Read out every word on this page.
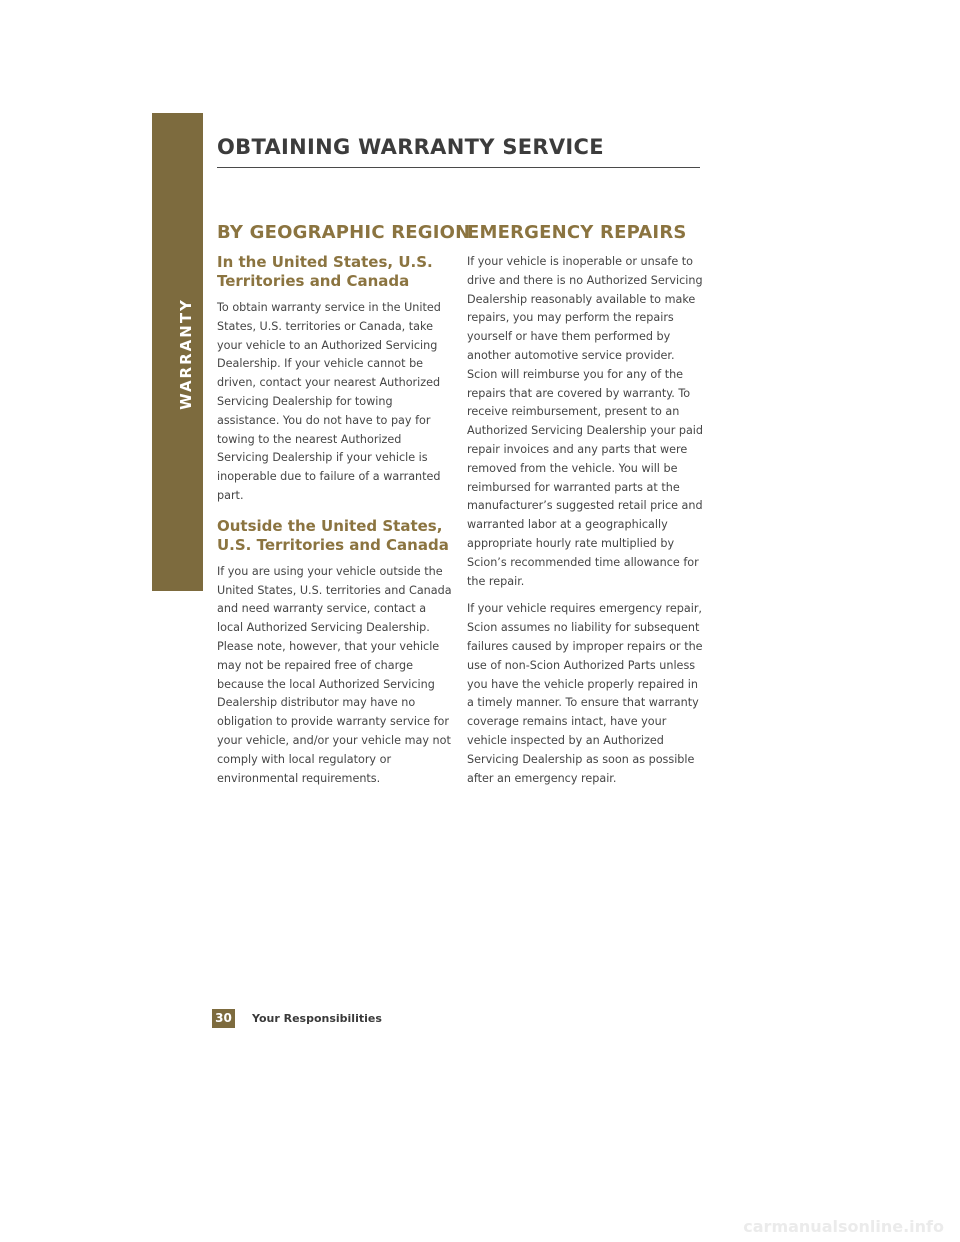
WARRANTY
OBTAINING WARRANTY SERVICE
BY GEOGRAPHIC REGION
In the United States, U.S. Territories and Canada

To obtain warranty service in the United States, U.S. territories or Canada, take your vehicle to an Authorized Servicing Dealership. If your vehicle cannot be driven, contact your nearest Authorized Servicing Dealership for towing assistance. You do not have to pay for towing to the nearest Authorized Servicing Dealership if your vehicle is inoperable due to failure of a warranted part.

Outside the United States, U.S. Territories and Canada

If you are using your vehicle outside the United States, U.S. territories and Canada and need warranty service, contact a local Authorized Servicing Dealership. Please note, however, that your vehicle may not be repaired free of charge because the local Authorized Servicing Dealership distributor may have no obligation to provide warranty service for your vehicle, and/or your vehicle may not comply with local regulatory or environmental requirements.

EMERGENCY REPAIRS

If your vehicle is inoperable or unsafe to drive and there is no Authorized Servicing Dealership reasonably available to make repairs, you may perform the repairs yourself or have them performed by another automotive service provider. Scion will reimburse you for any of the repairs that are covered by warranty. To receive reimbursement, present to an Authorized Servicing Dealership your paid repair invoices and any parts that were removed from the vehicle. You will be reimbursed for warranted parts at the manufacturer’s suggested retail price and warranted labor at a geographically appropriate hourly rate multiplied by Scion’s recommended time allowance for the repair.

If your vehicle requires emergency repair, Scion assumes no liability for subsequent failures caused by improper repairs or the use of non-Scion Authorized Parts unless you have the vehicle properly repaired in a timely manner. To ensure that warranty coverage remains intact, have your vehicle inspected by an Authorized Servicing Dealership as soon as possible after an emergency repair.

30 Your Responsibilities
carmanualsonline.info
